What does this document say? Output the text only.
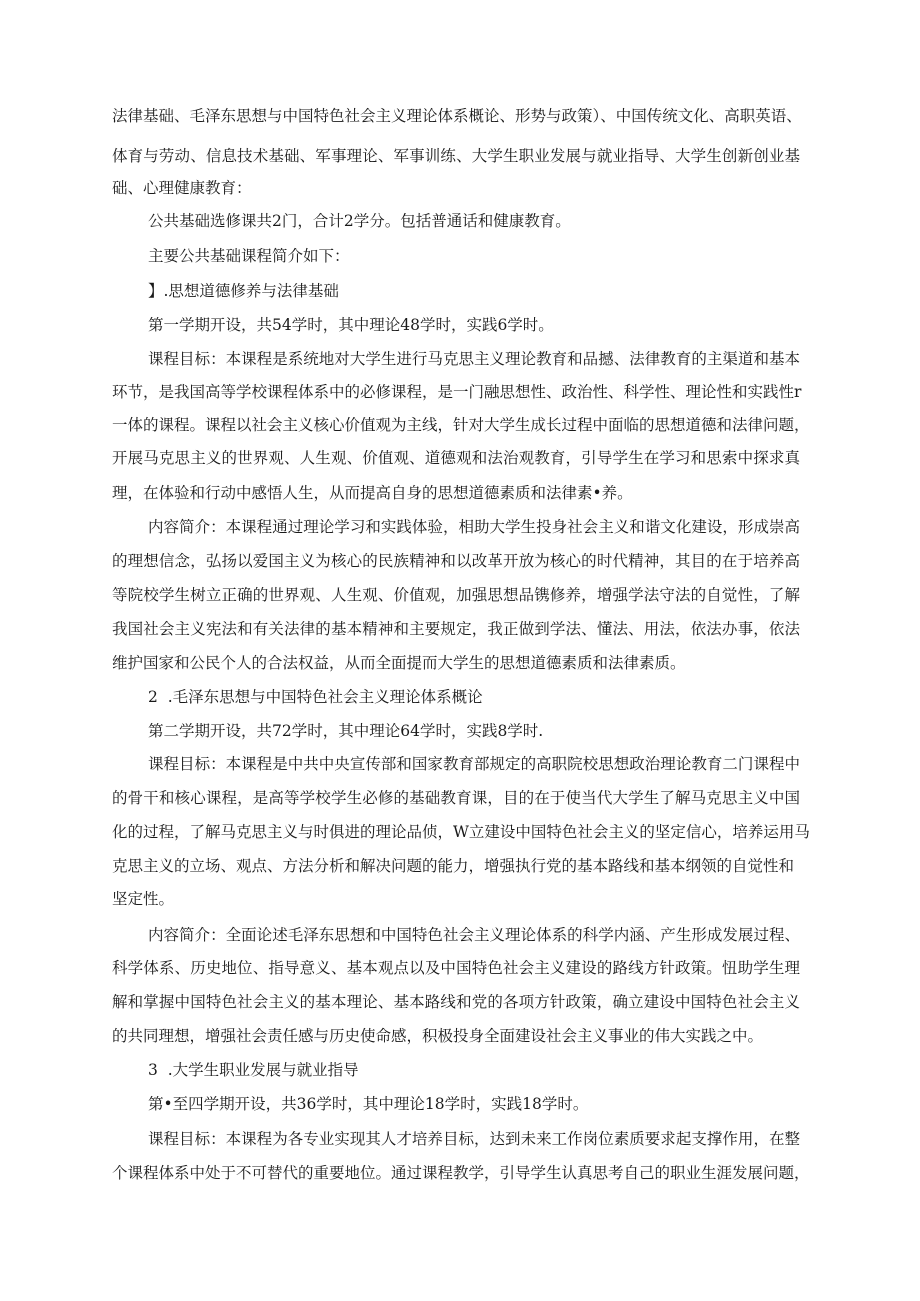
法律基础、毛泽东思想与中国特色社会主义理论体系概论、形势与政策）、中国传统文化、高职英语、
体育与劳动、信息技术基础、军事理论、军事训练、大学生职业发展与就业指导、大学生创新创业基
础、心理健康教育：
公共基础选修课共2门，合计2学分。包括普通话和健康教育。
主要公共基础课程简介如下：
】.思想道德修养与法律基础
第一学期开设，共54学时，其中理论48学时，实践6学时。
课程目标：本课程是系统地对大学生进行马克思主义理论教育和品撼、法律教育的主渠道和基本
环节，是我国高等学校课程体系中的必修课程，是一门融思想性、政治性、科学性、理论性和实践性r
一体的课程。课程以社会主义核心价值观为主线，针对大学生成长过程中面临的思想道德和法律问题，
开展马克思主义的世界观、人生观、价值观、道德观和法治观教育，引导学生在学习和思索中探求真
理，在体验和行动中感悟人生，从而提高自身的思想道德素质和法律素•养。
内容简介：本课程通过理论学习和实践体验，相助大学生投身社会主义和谐文化建设，形成崇高
的理想信念，弘扬以爱国主义为核心的民族精神和以改革开放为核心的时代精神，其目的在于培养高
等院校学生树立正确的世界观、人生观、价值观，加强思想品镌修养，增强学法守法的自觉性，了解
我国社会主义宪法和有关法律的基本精神和主要规定，我正做到学法、懂法、用法，依法办事，依法
维护国家和公民个人的合法权益，从而全面提而大学生的思想道德素质和法律素质。
2  .毛泽东思想与中国特色社会主义理论体系概论
第二学期开设，共72学时，其中理论64学时，实践8学时.
课程目标：本课程是中共中央宣传部和国家教育部规定的高职院校思想政治理论教育二门课程中
的骨干和核心课程，是高等学校学生必修的基础教育课，目的在于使当代大学生了解马克思主义中国
化的过程，了解马克思主义与时俱进的理论品侦，W立建设中国特色社会主义的坚定信心，培养运用马
克思主义的立场、观点、方法分析和解决问题的能力，增强执行党的基本路线和基本纲领的自觉性和
坚定性。
内容简介：全面论述毛泽东思想和中国特色社会主义理论体系的科学内涵、产生形成发展过程、
科学体系、历史地位、指导意义、基本观点以及中国特色社会主义建设的路线方针政策。忸助学生理
解和掌握中国特色社会主义的基本理论、基本路线和党的各项方针政策，确立建设中国特色社会主义
的共同理想，增强社会责任感与历史使命感，积极投身全面建设社会主义事业的伟大实践之中。
3  .大学生职业发展与就业指导
第•至四学期开设，共36学时，其中理论18学时，实践18学时。
课程目标：本课程为各专业实现其人才培养目标，达到未来工作岗位素质要求起支撑作用，在整
个课程体系中处于不可替代的重要地位。通过课程教学，引导学生认真思考自己的职业生涯发展问题，
